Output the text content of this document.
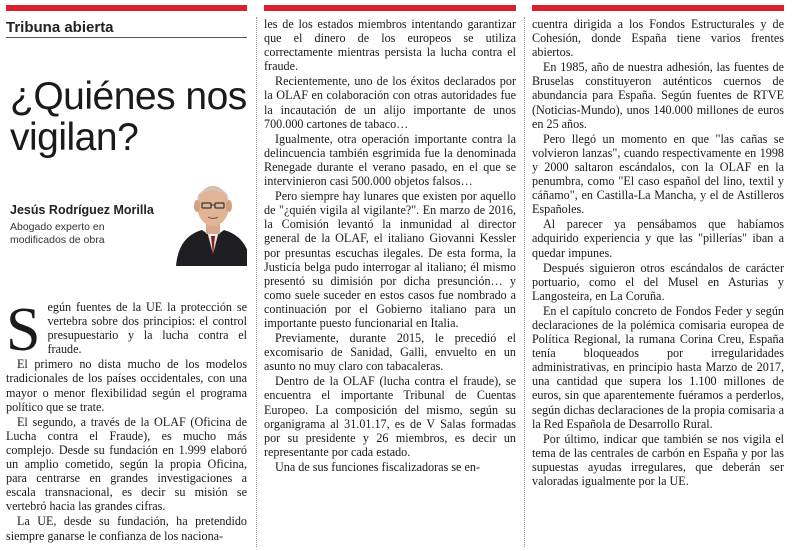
Tribuna abierta
¿Quiénes nos vigilan?
Jesús Rodríguez Morilla
Abogado experto en modificados de obra

Según fuentes de la UE la protección se vertebra sobre dos principios: el control presupuestario y la lucha contra el fraude.

El primero no dista mucho de los modelos tradicionales de los países occidentales, con una mayor o menor flexibilidad según el programa político que se trate.

El segundo, a través de la OLAF (Oficina de Lucha contra el Fraude), es mucho más complejo. Desde su fundación en 1.999 elaboró un amplio cometido, según la propia Oficina, para centrarse en grandes investigaciones a escala transnacional, es decir su misión se vertebró hacia las grandes cifras.

La UE, desde su fundación, ha pretendido siempre ganarse le confianza de los naciona-

les de los estados miembros intentando garantizar que el dinero de los europeos se utiliza correctamente mientras persista la lucha contra el fraude.

Recientemente, uno de los éxitos declarados por la OLAF en colaboración con otras autoridades fue la incautación de un alijo importante de unos 700.000 cartones de tabaco…

Igualmente, otra operación importante contra la delincuencia también esgrimida fue la denominada Renegade durante el verano pasado, en el que se intervinieron casi 500.000 objetos falsos…

Pero siempre hay lunares que existen por aquello de "¿quién vigila al vigilante?". En marzo de 2016, la Comisión levantó la inmunidad al director general de la OLAF, el italiano Giovanni Kessler por presuntas escuchas ilegales. De esta forma, la Justicia belga pudo interrogar al italiano; él mismo presentó su dimisión por dicha presunción… y como suele suceder en estos casos fue nombrado a continuación por el Gobierno italiano para un importante puesto funcionarial en Italia.

Previamente, durante 2015, le precedió el excomisario de Sanidad, Galli, envuelto en un asunto no muy claro con tabacaleras.

Dentro de la OLAF (lucha contra el fraude), se encuentra el importante Tribunal de Cuentas Europeo. La composición del mismo, según su organigrama al 31.01.17, es de V Salas formadas por su presidente y 26 miembros, es decir un representante por cada estado.

Una de sus funciones fiscalizadoras se en-

cuentra dirigida a los Fondos Estructurales y de Cohesión, donde España tiene varios frentes abiertos.

En 1985, año de nuestra adhesión, las fuentes de Bruselas constituyeron auténticos cuernos de abundancia para España. Según fuentes de RTVE (Noticias-Mundo), unos 140.000 millones de euros en 25 años.

Pero llegó un momento en que "las cañas se volvieron lanzas", cuando respectivamente en 1998 y 2000 saltaron escándalos, con la OLAF en la penumbra, como "El caso español del lino, textil y cáñamo", en Castilla-La Mancha, y el de Astilleros Españoles.

Al parecer ya pensábamos que habíamos adquirido experiencia y que las "pillerías" iban a quedar impunes.

Después siguieron otros escándalos de carácter portuario, como el del Musel en Asturias y Langosteira, en La Coruña.

En el capítulo concreto de Fondos Feder y según declaraciones de la polémica comisaria europea de Política Regional, la rumana Corina Creu, España tenía bloqueados por irregularidades administrativas, en principio hasta Marzo de 2017, una cantidad que supera los 1.100 millones de euros, sin que aparentemente fuéramos a perderlos, según dichas declaraciones de la propia comisaria a la Red Española de Desarrollo Rural.

Por último, indicar que también se nos vigila el tema de las centrales de carbón en España y por las supuestas ayudas irregulares, que deberán ser valoradas igualmente por la UE.
